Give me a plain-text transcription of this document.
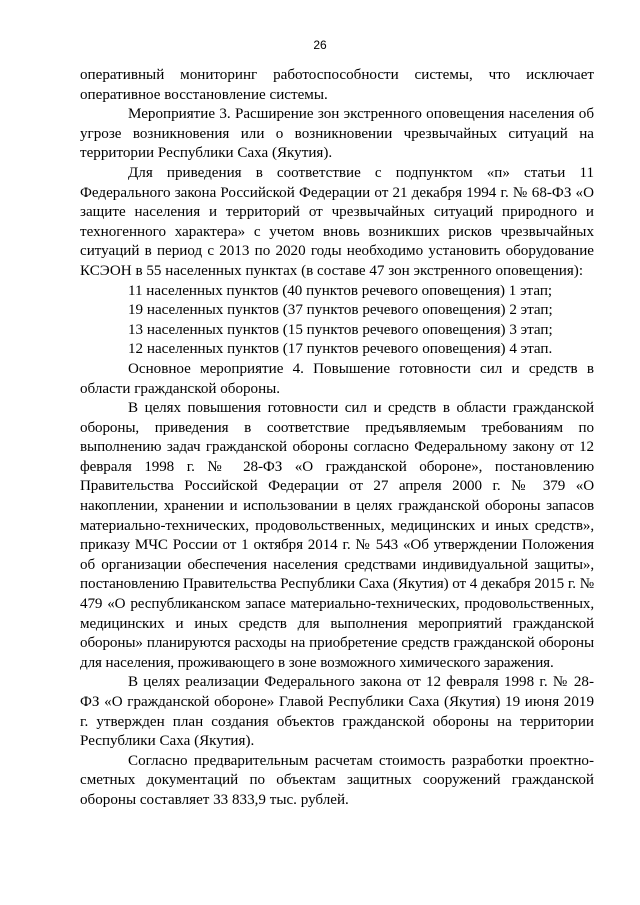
26

оперативный мониторинг работоспособности системы, что исключает оперативное восстановление системы.

Мероприятие 3. Расширение зон экстренного оповещения населения об угрозе возникновения или о возникновении чрезвычайных ситуаций на территории Республики Саха (Якутия).

Для приведения в соответствие с подпунктом «п» статьи 11 Федерального закона Российской Федерации от 21 декабря 1994 г. № 68-ФЗ «О защите населения и территорий от чрезвычайных ситуаций природного и техногенного характера» с учетом вновь возникших рисков чрезвычайных ситуаций в период с 2013 по 2020 годы необходимо установить оборудование КСЭОН в 55 населенных пунктах (в составе 47 зон экстренного оповещения):

11 населенных пунктов (40 пунктов речевого оповещения) 1 этап;

19 населенных пунктов (37 пунктов речевого оповещения) 2 этап;

13 населенных пунктов (15 пунктов речевого оповещения) 3 этап;

12 населенных пунктов (17 пунктов речевого оповещения) 4 этап.

Основное мероприятие 4. Повышение готовности сил и средств в области гражданской обороны.

В целях повышения готовности сил и средств в области гражданской обороны, приведения в соответствие предъявляемым требованиям по выполнению задач гражданской обороны согласно Федеральному закону от 12 февраля 1998 г. № 28-ФЗ «О гражданской обороне», постановлению Правительства Российской Федерации от 27 апреля 2000 г. № 379 «О накоплении, хранении и использовании в целях гражданской обороны запасов материально-технических, продовольственных, медицинских и иных средств», приказу МЧС России от 1 октября 2014 г. № 543 «Об утверждении Положения об организации обеспечения населения средствами индивидуальной защиты», постановлению Правительства Республики Саха (Якутия) от 4 декабря 2015 г. № 479 «О республиканском запасе материально-технических, продовольственных, медицинских и иных средств для выполнения мероприятий гражданской обороны» планируются расходы на приобретение средств гражданской обороны для населения, проживающего в зоне возможного химического заражения.

В целях реализации Федерального закона от 12 февраля 1998 г. № 28-ФЗ «О гражданской обороне» Главой Республики Саха (Якутия) 19 июня 2019 г. утвержден план создания объектов гражданской обороны на территории Республики Саха (Якутия).

Согласно предварительным расчетам стоимость разработки проектно-сметных документаций по объектам защитных сооружений гражданской обороны составляет 33 833,9 тыс. рублей.
